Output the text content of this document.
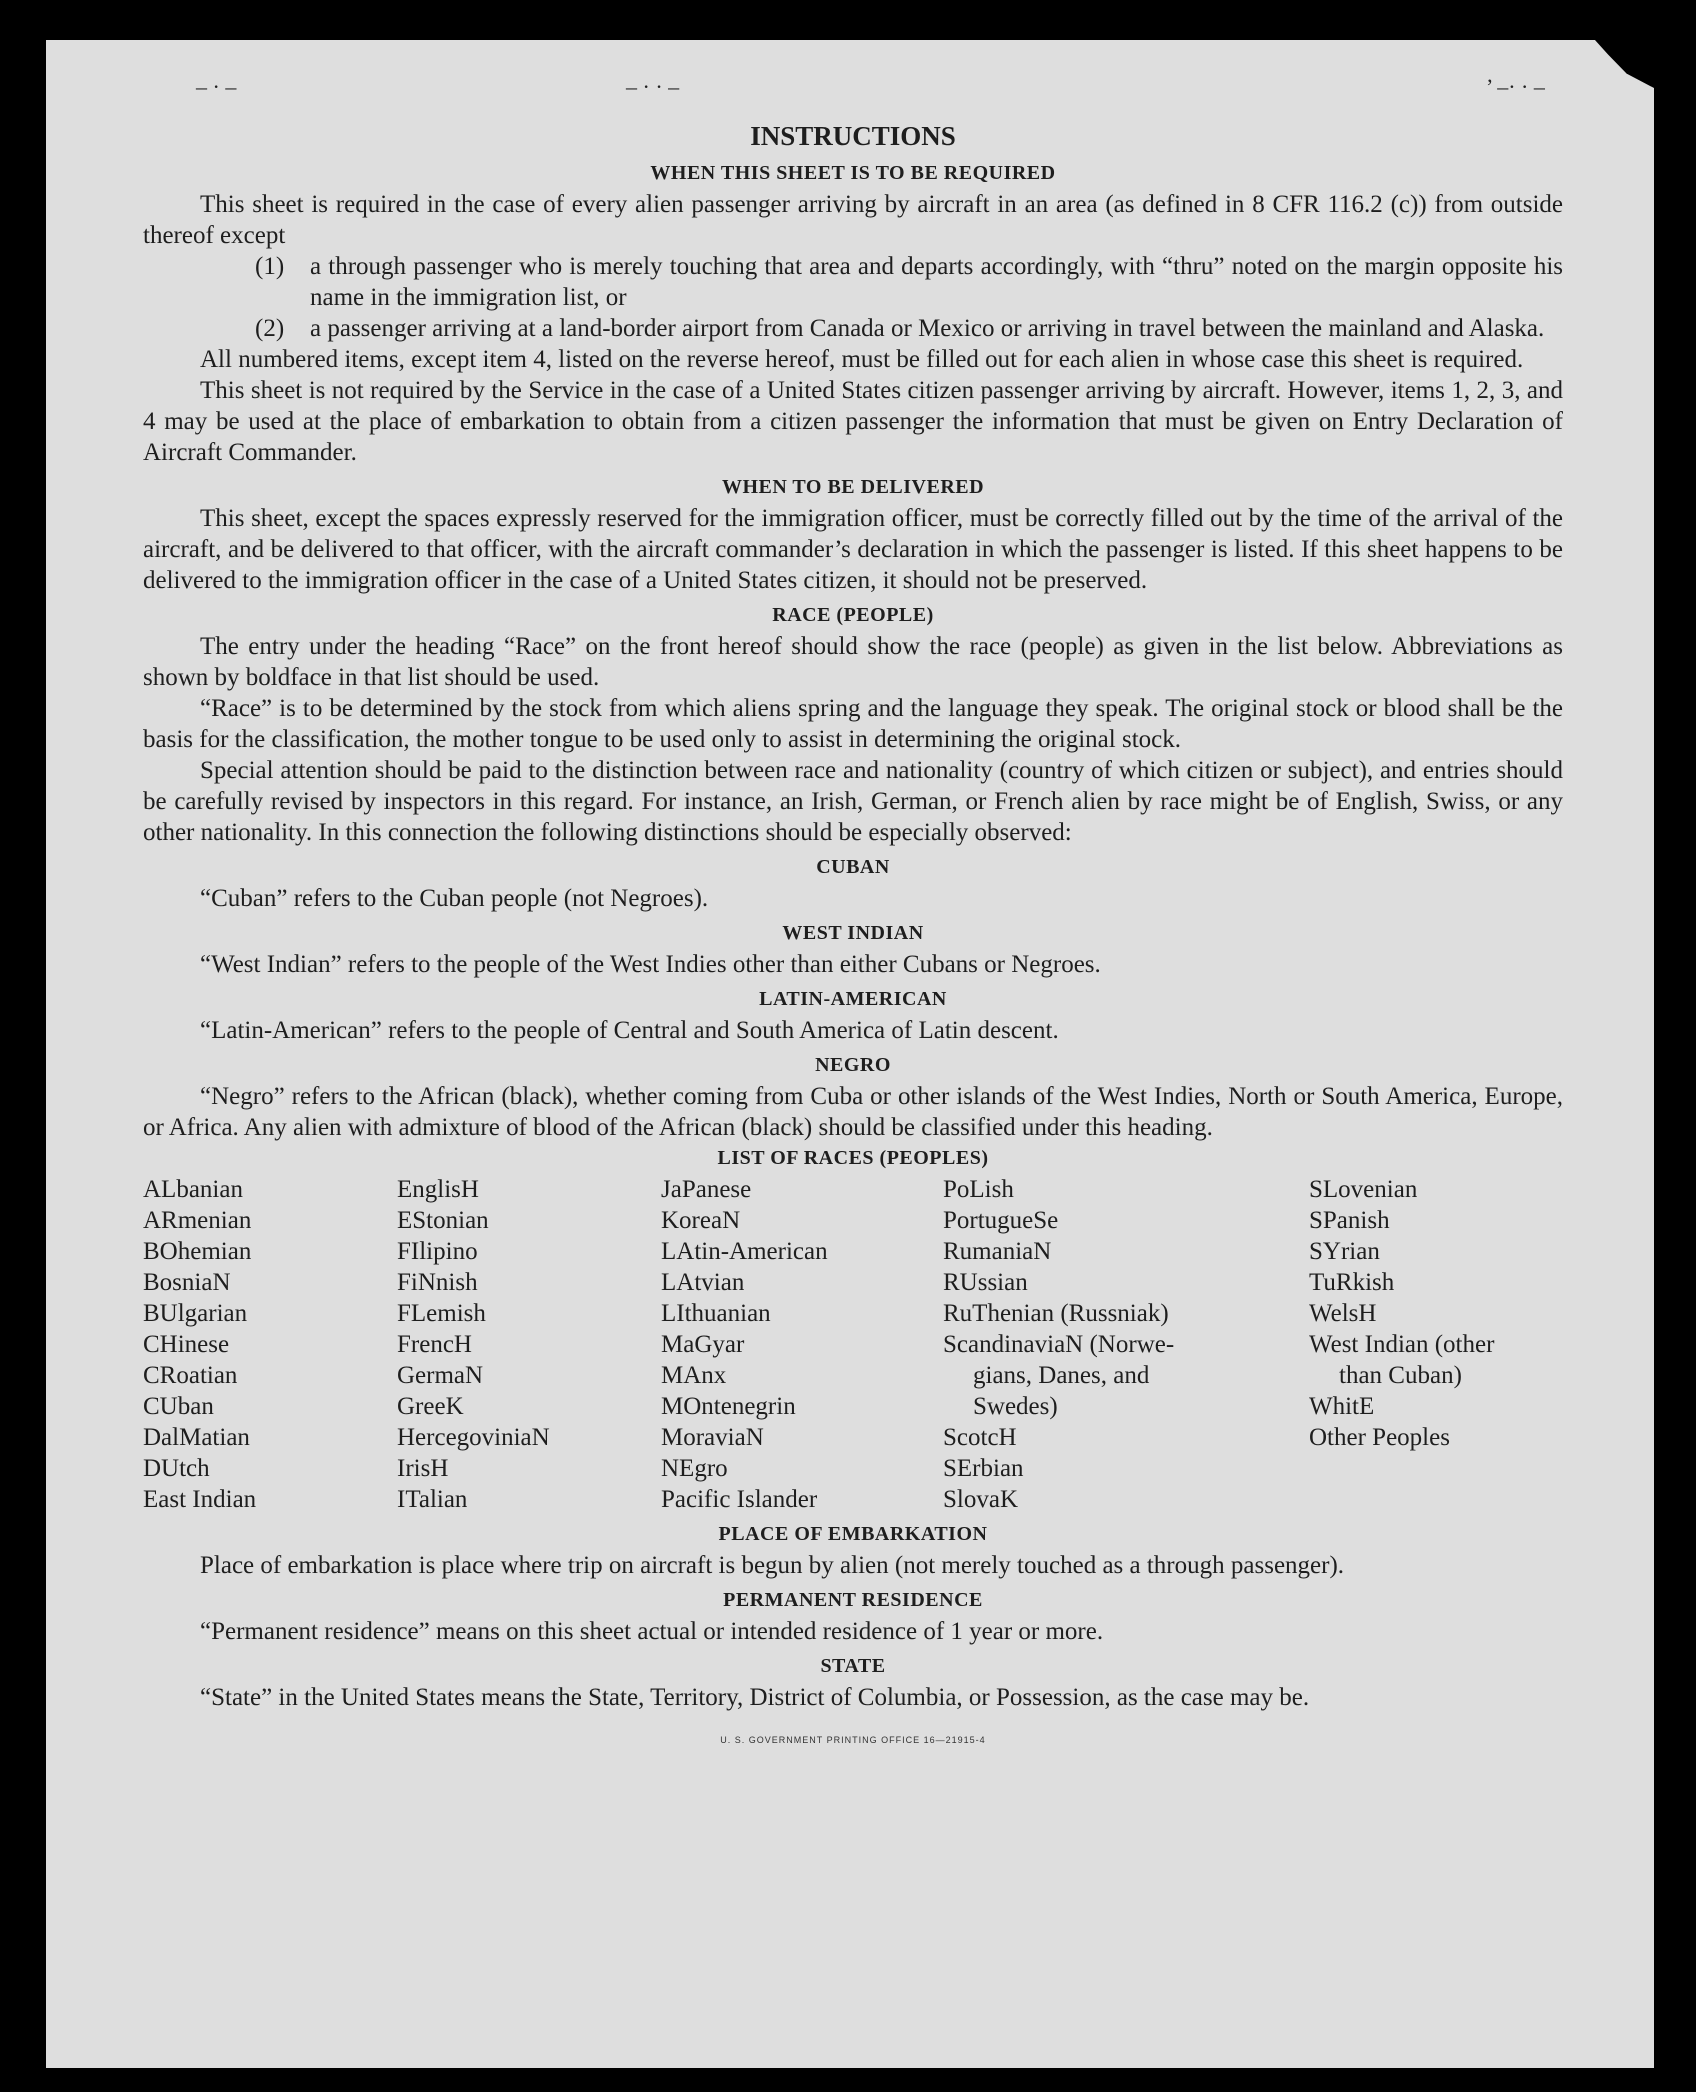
– · –	– · · –	’ –· · –
INSTRUCTIONS
WHEN THIS SHEET IS TO BE REQUIRED

This sheet is required in the case of every alien passenger arriving by aircraft in an area (as defined in 8 CFR 116.2 (c)) from outside thereof except

(1)	a through passenger who is merely touching that area and departs accordingly, with “thru” noted on the margin opposite his name in the immigration list, or
(2)	a passenger arriving at a land-border airport from Canada or Mexico or arriving in travel between the mainland and Alaska.

All numbered items, except item 4, listed on the reverse hereof, must be filled out for each alien in whose case this sheet is required.

This sheet is not required by the Service in the case of a United States citizen passenger arriving by aircraft. However, items 1, 2, 3, and 4 may be used at the place of embarkation to obtain from a citizen passenger the information that must be given on Entry Declaration of Aircraft Commander.

WHEN TO BE DELIVERED

This sheet, except the spaces expressly reserved for the immigration officer, must be correctly filled out by the time of the arrival of the aircraft, and be delivered to that officer, with the aircraft commander’s declaration in which the passenger is listed. If this sheet happens to be delivered to the immigration officer in the case of a United States citizen, it should not be preserved.

RACE (PEOPLE)

The entry under the heading “Race” on the front hereof should show the race (people) as given in the list below. Abbreviations as shown by boldface in that list should be used.

“Race” is to be determined by the stock from which aliens spring and the language they speak. The original stock or blood shall be the basis for the classification, the mother tongue to be used only to assist in determining the original stock.

Special attention should be paid to the distinction between race and nationality (country of which citizen or subject), and entries should be carefully revised by inspectors in this regard. For instance, an Irish, German, or French alien by race might be of English, Swiss, or any other nationality. In this connection the following distinctions should be especially observed:

CUBAN

“Cuban” refers to the Cuban people (not Negroes).

WEST INDIAN

“West Indian” refers to the people of the West Indies other than either Cubans or Negroes.

LATIN-AMERICAN

“Latin-American” refers to the people of Central and South America of Latin descent.

NEGRO

“Negro” refers to the African (black), whether coming from Cuba or other islands of the West Indies, North or South America, Europe, or Africa. Any alien with admixture of blood of the African (black) should be classified under this heading.

LIST OF RACES (PEOPLES)
ALbanian
ARmenian
BOhemian
BosniaN
BUlgarian
CHinese
CRoatian
CUban
DalMatian
DUtch
East Indian
EnglisH
EStonian
FIlipino
FiNnish
FLemish
FrencH
GermaN
GreeK
HercegoviniaN
IrisH
ITalian
JaPanese
KoreaN
LAtin-American
LAtvian
LIthuanian
MaGyar
MAnx
MOntenegrin
MoraviaN
NEgro
Pacific Islander
PoLish
PortugueSe
RumaniaN
RUssian
RuThenian (Russniak)
ScandinaviaN (Norwe-
gians, Danes, and
Swedes)
ScotcH
SErbian
SlovaK
SLovenian
SPanish
SYrian
TuRkish
WelsH
West Indian (other
than Cuban)
WhitE
Other Peoples
PLACE OF EMBARKATION

Place of embarkation is place where trip on aircraft is begun by alien (not merely touched as a through passenger).

PERMANENT RESIDENCE

“Permanent residence” means on this sheet actual or intended residence of 1 year or more.

STATE

“State” in the United States means the State, Territory, District of Columbia, or Possession, as the case may be.

U. S. GOVERNMENT PRINTING OFFICE 16—21915-4
